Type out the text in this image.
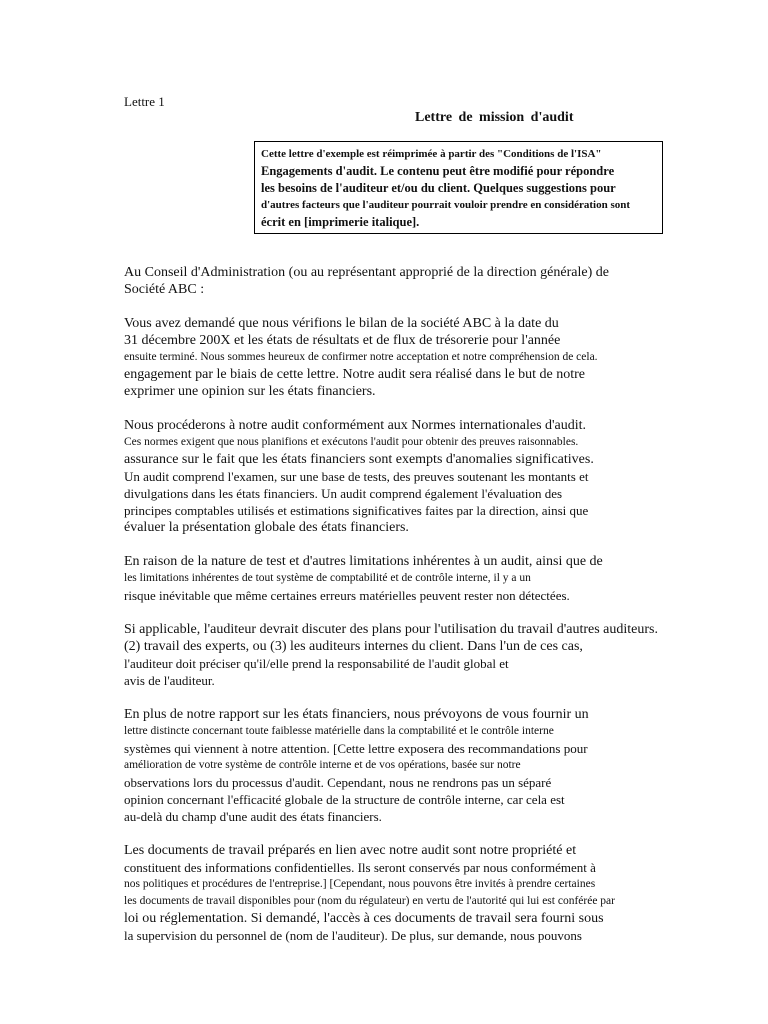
Lettre 1
Lettre de mission d'audit
Cette lettre d'exemple est réimprimée à partir des "Conditions de l'ISA"
Engagements d'audit. Le contenu peut être modifié pour répondre
les besoins de l'auditeur et/ou du client. Quelques suggestions pour
d'autres facteurs que l'auditeur pourrait vouloir prendre en considération sont
écrit en [imprimerie italique].
Au Conseil d'Administration (ou au représentant approprié de la direction générale) de
Société ABC :
Vous avez demandé que nous vérifions le bilan de la société ABC à la date du
31 décembre 200X et les états de résultats et de flux de trésorerie pour l'année
ensuite terminé. Nous sommes heureux de confirmer notre acceptation et notre compréhension de cela.
engagement par le biais de cette lettre. Notre audit sera réalisé dans le but de notre
exprimer une opinion sur les états financiers.
Nous procéderons à notre audit conformément aux Normes internationales d'audit.
Ces normes exigent que nous planifions et exécutons l'audit pour obtenir des preuves raisonnables.
assurance sur le fait que les états financiers sont exempts d'anomalies significatives.
Un audit comprend l'examen, sur une base de tests, des preuves soutenant les montants et
divulgations dans les états financiers. Un audit comprend également l'évaluation des
principes comptables utilisés et estimations significatives faites par la direction, ainsi que
évaluer la présentation globale des états financiers.
En raison de la nature de test et d'autres limitations inhérentes à un audit, ainsi que de
les limitations inhérentes de tout système de comptabilité et de contrôle interne, il y a un
risque inévitable que même certaines erreurs matérielles peuvent rester non détectées.
Si applicable, l'auditeur devrait discuter des plans pour l'utilisation du travail d'autres auditeurs.
(2) travail des experts, ou (3) les auditeurs internes du client. Dans l'un de ces cas,
l'auditeur doit préciser qu'il/elle prend la responsabilité de l'audit global et
avis de l'auditeur.
En plus de notre rapport sur les états financiers, nous prévoyons de vous fournir un
lettre distincte concernant toute faiblesse matérielle dans la comptabilité et le contrôle interne
systèmes qui viennent à notre attention. [Cette lettre exposera des recommandations pour
amélioration de votre système de contrôle interne et de vos opérations, basée sur notre
observations lors du processus d'audit. Cependant, nous ne rendrons pas un séparé
opinion concernant l'efficacité globale de la structure de contrôle interne, car cela est
au-delà du champ d'une audit des états financiers.
Les documents de travail préparés en lien avec notre audit sont notre propriété et
constituent des informations confidentielles. Ils seront conservés par nous conformément à
nos politiques et procédures de l'entreprise.] [Cependant, nous pouvons être invités à prendre certaines
les documents de travail disponibles pour (nom du régulateur) en vertu de l'autorité qui lui est conférée par
loi ou réglementation. Si demandé, l'accès à ces documents de travail sera fourni sous
la supervision du personnel de (nom de l'auditeur). De plus, sur demande, nous pouvons
